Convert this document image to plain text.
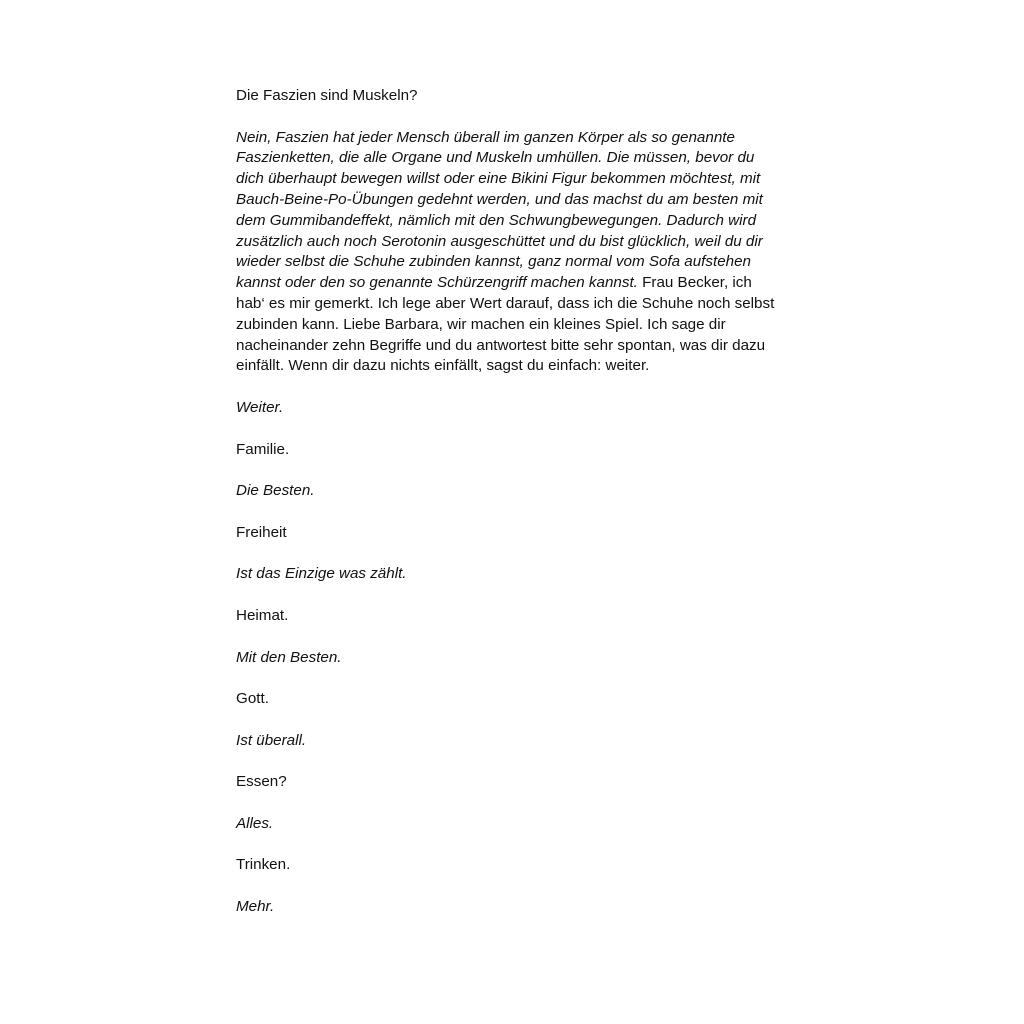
Die Faszien sind Muskeln?

Nein, Faszien hat jeder Mensch überall im ganzen Körper als so genannte
Faszienketten, die alle Organe und Muskeln umhüllen. Die müssen, bevor du
dich überhaupt bewegen willst oder eine Bikini Figur bekommen möchtest, mit
Bauch-Beine-Po-Übungen gedehnt werden, und das machst du am besten mit
dem Gummibandeffekt, nämlich mit den Schwungbewegungen. Dadurch wird
zusätzlich auch noch Serotonin ausgeschüttet und du bist glücklich, weil du dir
wieder selbst die Schuhe zubinden kannst, ganz normal vom Sofa aufstehen
kannst oder den so genannte Schürzengriff machen kannst. Frau Becker, ich
hab‘ es mir gemerkt. Ich lege aber Wert darauf, dass ich die Schuhe noch selbst
zubinden kann. Liebe Barbara, wir machen ein kleines Spiel. Ich sage dir
nacheinander zehn Begriffe und du antwortest bitte sehr spontan, was dir dazu
einfällt. Wenn dir dazu nichts einfällt, sagst du einfach: weiter.

Weiter.

Familie.

Die Besten.

Freiheit

Ist das Einzige was zählt.

Heimat.

Mit den Besten.

Gott.

Ist überall.

Essen?

Alles.

Trinken.

Mehr.
